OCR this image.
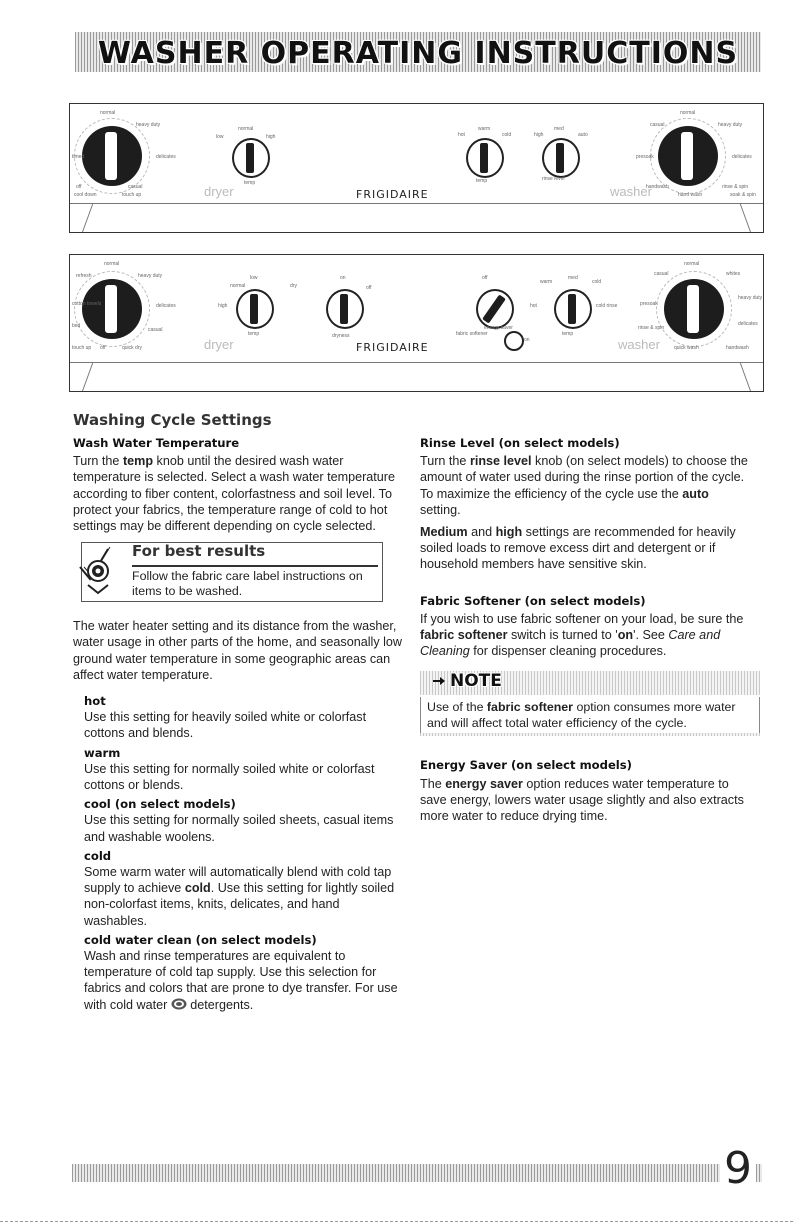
WASHER OPERATING INSTRUCTIONS
normal
heavy duty
delicates
timed
casual
off
cool down	touch up
normal
high
low
temp
dryer	FRIGIDAIRE
warm
hot	cold
temp
med
high	auto
rinse level
washer
normal
casual	heavy duty
presoak	delicates
handwash	rinse & spin
hand wash	soak & spin
normal
heavy duty
refresh
cotton towels	delicates
bed
casual
off	quick dry
touch up
low
normal
high
temp
on
off
dry
dryness
dryer	FRIGIDAIRE
off
fabric softener
on
energy saver
med
warm	cold
hot	cold rinse
temp
washer
normal
casual	whites
presoak
heavy duty
rinse & spin
delicates
quick wash	handwash
Washing Cycle Settings
Wash Water Temperature

Turn the temp knob until the desired wash water temperature is selected. Select a wash water temperature according to fiber content, colorfastness and soil level. To protect your fabrics, the temperature range of cold to hot settings may be different depending on cycle selected.

For best results
Follow the fabric care label instructions on items to be washed.

The water heater setting and its distance from the washer, water usage in other parts of the home, and seasonally low ground water temperature in some geographic areas can affect water temperature.

hot

Use this setting for heavily soiled white or colorfast cottons and blends.

warm

Use this setting for normally soiled white or colorfast cottons or blends.

cool (on select models)

Use this setting for normally soiled sheets, casual items and washable woolens.

cold

Some warm water will automatically blend with cold tap supply to achieve cold. Use this setting for lightly soiled non-colorfast items, knits, delicates, and hand washables.

cold water clean (on select models)

Wash and rinse temperatures are equivalent to temperature of cold tap supply. Use this selection for fabrics and colors that are prone to dye transfer. For use with cold water  detergents.

Rinse Level (on select models)

Turn the rinse level knob (on select models) to choose the amount of water used during the rinse portion of the cycle. To maximize the efficiency of the cycle use the auto setting.

Medium and high settings are recommended for heavily soiled loads to remove excess dirt and detergent or if household members have sensitive skin.

Fabric Softener (on select models)

If you wish to use fabric softener on your load, be sure the fabric softener switch is turned to 'on'. See Care and Cleaning for dispenser cleaning procedures.

NOTE
Use of the fabric softener option consumes more water and will affect total water efficiency of the cycle.
Energy Saver (on select models)

The energy saver option reduces water temperature to save energy, lowers water usage slightly and also extracts more water to reduce drying time.

9
